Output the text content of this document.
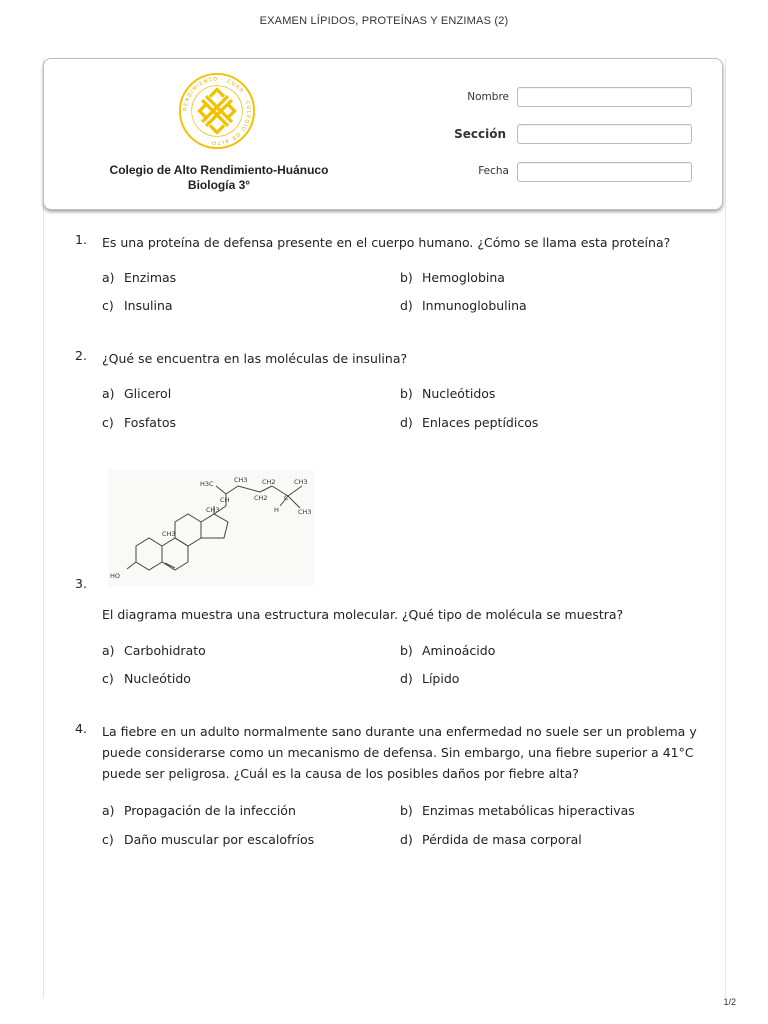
EXAMEN LÍPIDOS, PROTEÍNAS Y ENZIMAS (2)
RENDIMIENTO · COAR · COLEGIO DE ALTO
Colegio de Alto Rendimiento-Huánuco
Biología 3°
Nombre
Sección
Fecha
1. Es una proteína de defensa presente en el cuerpo humano. ¿Cómo se llama esta proteína?
a) Enzimas	b) Hemoglobina
c) Insulina	d) Inmunoglobulina
2. ¿Qué se encuentra en las moléculas de insulina?
a) Glicerol	b) Nucleótidos
c) Fosfatos	d) Enlaces peptídicos
H3C	CH3 CH2	CH3
CH	CH2	C
H	CH3
CH3
CH3
HO
3.
El diagrama muestra una estructura molecular. ¿Qué tipo de molécula se muestra?
a) Carbohidrato	b) Aminoácido
c) Nucleótido	d) Lípido
4. La fiebre en un adulto normalmente sano durante una enfermedad no suele ser un problema y puede considerarse como un mecanismo de defensa. Sin embargo, una fiebre superior a 41°C puede ser peligrosa. ¿Cuál es la causa de los posibles daños por fiebre alta?
a) Propagación de la infección	b) Enzimas metabólicas hiperactivas
c) Daño muscular por escalofríos	d) Pérdida de masa corporal
1/2
